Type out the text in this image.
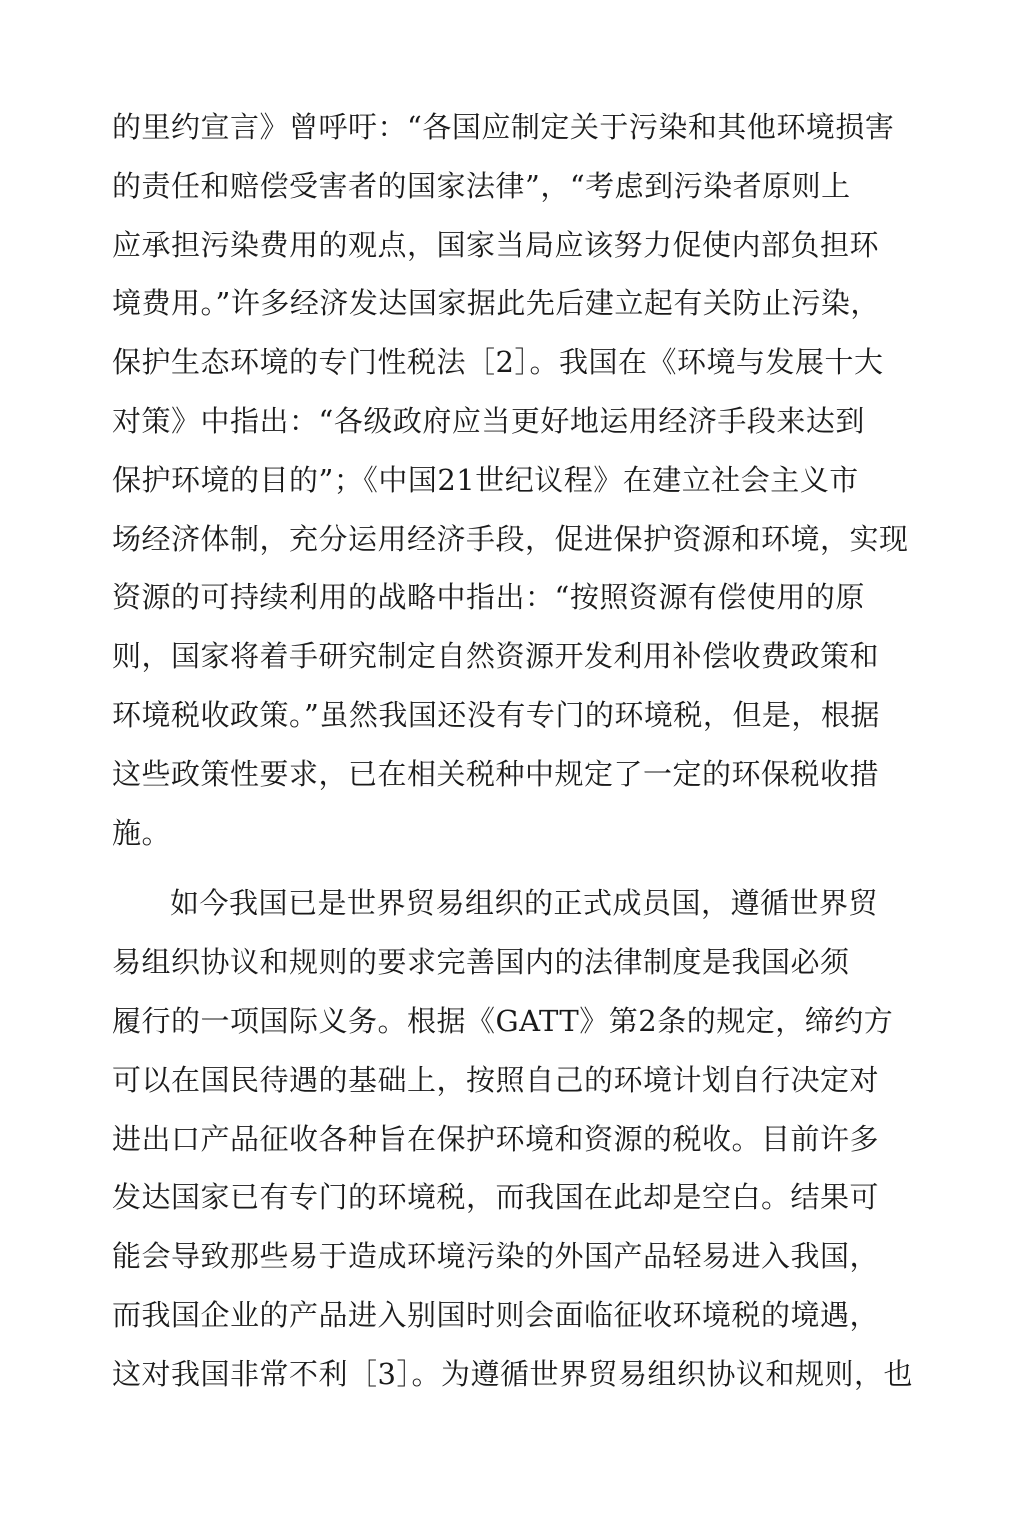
的里约宣言》曾呼吁：“各国应制定关于污染和其他环境损害
的责任和赔偿受害者的国家法律”，“考虑到污染者原则上
应承担污染费用的观点，国家当局应该努力促使内部负担环
境费用。”许多经济发达国家据此先后建立起有关防止污染，
保护生态环境的专门性税法［2］。我国在《环境与发展十大
对策》中指出：“各级政府应当更好地运用经济手段来达到
保护环境的目的”；《中国21世纪议程》在建立社会主义市
场经济体制，充分运用经济手段，促进保护资源和环境，实现
资源的可持续利用的战略中指出：“按照资源有偿使用的原
则，国家将着手研究制定自然资源开发利用补偿收费政策和
环境税收政策。”虽然我国还没有专门的环境税，但是，根据
这些政策性要求，已在相关税种中规定了一定的环保税收措
施。
如今我国已是世界贸易组织的正式成员国，遵循世界贸
易组织协议和规则的要求完善国内的法律制度是我国必须
履行的一项国际义务。根据《GATT》第2条的规定，缔约方
可以在国民待遇的基础上，按照自己的环境计划自行决定对
进出口产品征收各种旨在保护环境和资源的税收。目前许多
发达国家已有专门的环境税，而我国在此却是空白。结果可
能会导致那些易于造成环境污染的外国产品轻易进入我国，
而我国企业的产品进入别国时则会面临征收环境税的境遇，
这对我国非常不利［3］。为遵循世界贸易组织协议和规则，也
